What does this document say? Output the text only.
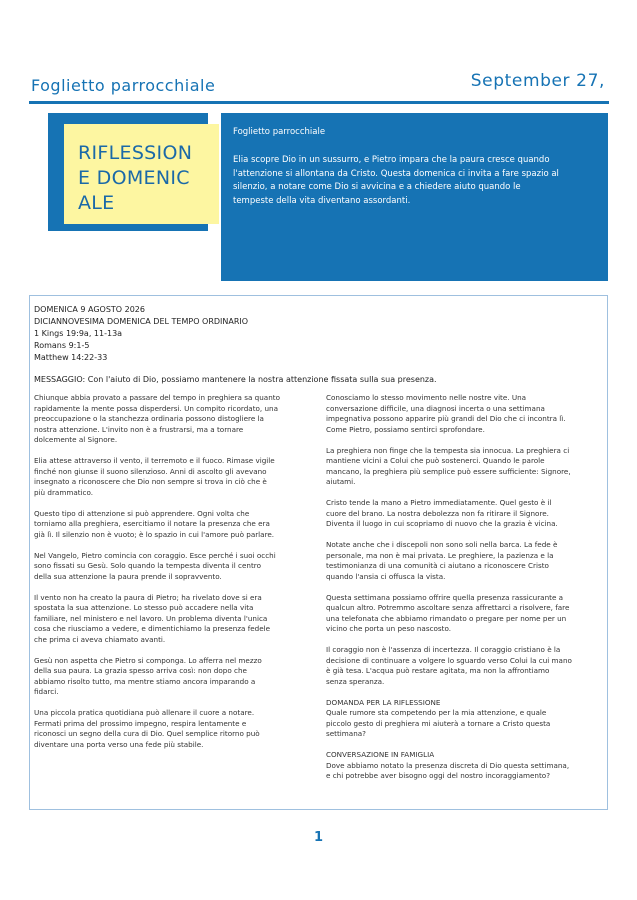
Foglietto parrocchiale	September 27,
RIFLESSIONE DOMENICALE
Foglietto parrocchiale
Elia scopre Dio in un sussurro, e Pietro impara che la paura cresce quando l'attenzione si allontana da Cristo. Questa domenica ci invita a fare spazio al silenzio, a notare come Dio si avvicina e a chiedere aiuto quando le tempeste della vita diventano assordanti.
DOMENICA 9 AGOSTO 2026
DICIANNOVESIMA DOMENICA DEL TEMPO ORDINARIO
1 Kings 19:9a, 11-13a
Romans 9:1-5
Matthew 14:22-33
MESSAGGIO: Con l'aiuto di Dio, possiamo mantenere la nostra attenzione fissata sulla sua presenza.

Chiunque abbia provato a passare del tempo in preghiera sa quanto rapidamente la mente possa disperdersi. Un compito ricordato, una preoccupazione o la stanchezza ordinaria possono distogliere la nostra attenzione. L'invito non è a frustrarsi, ma a tornare dolcemente al Signore.

Elia attese attraverso il vento, il terremoto e il fuoco. Rimase vigile finché non giunse il suono silenzioso. Anni di ascolto gli avevano insegnato a riconoscere che Dio non sempre si trova in ciò che è più drammatico.

Questo tipo di attenzione si può apprendere. Ogni volta che torniamo alla preghiera, esercitiamo il notare la presenza che era già lì. Il silenzio non è vuoto; è lo spazio in cui l'amore può parlare.

Nel Vangelo, Pietro comincia con coraggio. Esce perché i suoi occhi sono fissati su Gesù. Solo quando la tempesta diventa il centro della sua attenzione la paura prende il sopravvento.

Il vento non ha creato la paura di Pietro; ha rivelato dove si era spostata la sua attenzione. Lo stesso può accadere nella vita familiare, nel ministero e nel lavoro. Un problema diventa l'unica cosa che riusciamo a vedere, e dimentichiamo la presenza fedele che prima ci aveva chiamato avanti.

Gesù non aspetta che Pietro si componga. Lo afferra nel mezzo della sua paura. La grazia spesso arriva così: non dopo che abbiamo risolto tutto, ma mentre stiamo ancora imparando a fidarci.

Una piccola pratica quotidiana può allenare il cuore a notare. Fermati prima del prossimo impegno, respira lentamente e riconosci un segno della cura di Dio. Quel semplice ritorno può diventare una porta verso una fede più stabile.

Conosciamo lo stesso movimento nelle nostre vite. Una conversazione difficile, una diagnosi incerta o una settimana impegnativa possono apparire più grandi del Dio che ci incontra lì. Come Pietro, possiamo sentirci sprofondare.

La preghiera non finge che la tempesta sia innocua. La preghiera ci mantiene vicini a Colui che può sostenerci. Quando le parole mancano, la preghiera più semplice può essere sufficiente: Signore, aiutami.

Cristo tende la mano a Pietro immediatamente. Quel gesto è il cuore del brano. La nostra debolezza non fa ritirare il Signore. Diventa il luogo in cui scopriamo di nuovo che la grazia è vicina.

Notate anche che i discepoli non sono soli nella barca. La fede è personale, ma non è mai privata. Le preghiere, la pazienza e la testimonianza di una comunità ci aiutano a riconoscere Cristo quando l'ansia ci offusca la vista.

Questa settimana possiamo offrire quella presenza rassicurante a qualcun altro. Potremmo ascoltare senza affrettarci a risolvere, fare una telefonata che abbiamo rimandato o pregare per nome per un vicino che porta un peso nascosto.

Il coraggio non è l'assenza di incertezza. Il coraggio cristiano è la decisione di continuare a volgere lo sguardo verso Colui la cui mano è già tesa. L'acqua può restare agitata, ma non la affrontiamo senza speranza.

DOMANDA PER LA RIFLESSIONE
Quale rumore sta competendo per la mia attenzione, e quale piccolo gesto di preghiera mi aiuterà a tornare a Cristo questa settimana?

CONVERSAZIONE IN FAMIGLIA
Dove abbiamo notato la presenza discreta di Dio questa settimana, e chi potrebbe aver bisogno oggi del nostro incoraggiamento?

1
